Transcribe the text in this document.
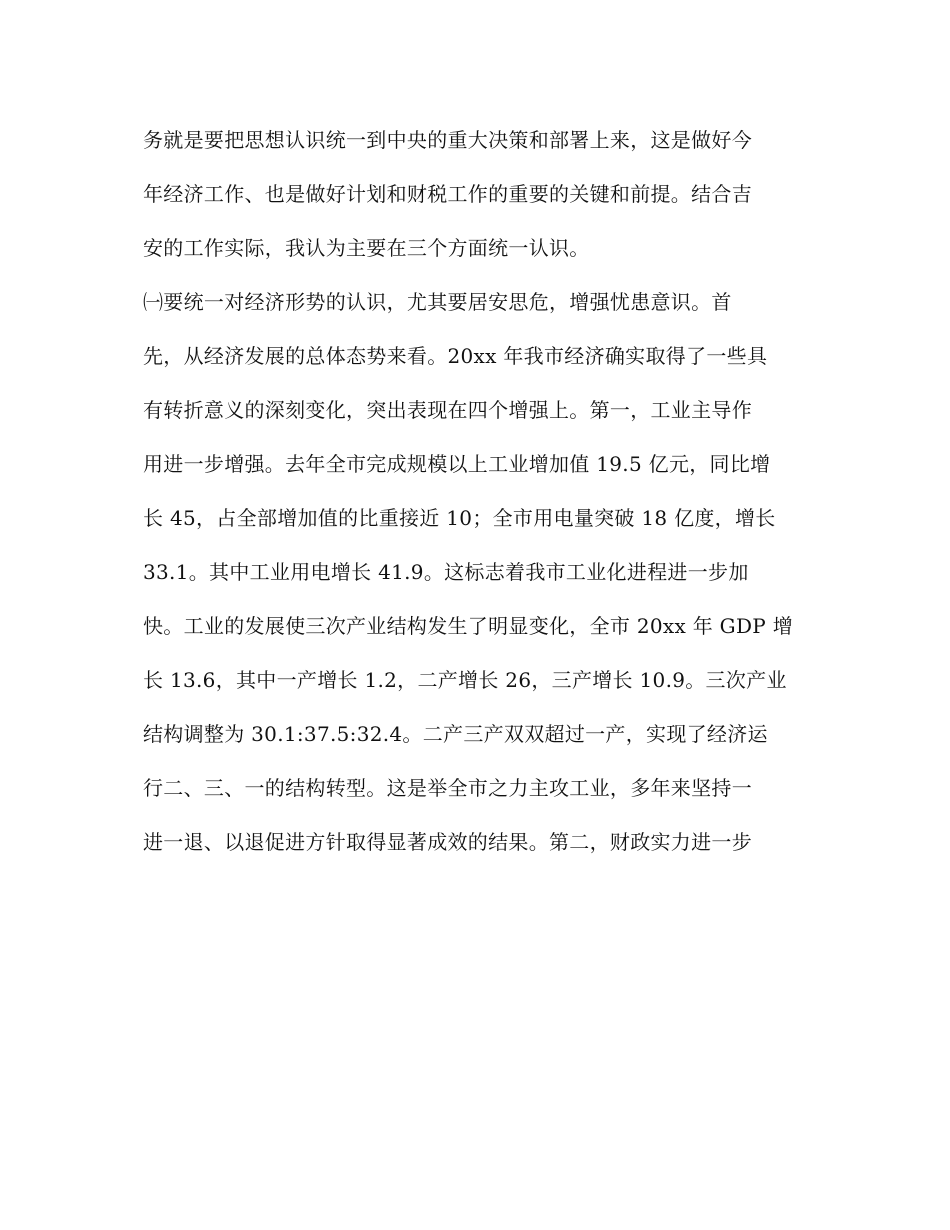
务就是要把思想认识统一到中央的重大决策和部署上来，这是做好今
年经济工作、也是做好计划和财税工作的重要的关键和前提。结合吉
安的工作实际，我认为主要在三个方面统一认识。
㈠要统一对经济形势的认识，尤其要居安思危，增强忧患意识。首
先，从经济发展的总体态势来看。20xx 年我市经济确实取得了一些具
有转折意义的深刻变化，突出表现在四个增强上。第一，工业主导作
用进一步增强。去年全市完成规模以上工业增加值 19.5 亿元，同比增
长 45，占全部增加值的比重接近 10；全市用电量突破 18 亿度，增长
33.1。其中工业用电增长 41.9。这标志着我市工业化进程进一步加
快。工业的发展使三次产业结构发生了明显变化，全市 20xx 年 GDP 增
长 13.6，其中一产增长 1.2，二产增长 26，三产增长 10.9。三次产业
结构调整为 30.1:37.5:32.4。二产三产双双超过一产，实现了经济运
行二、三、一的结构转型。这是举全市之力主攻工业，多年来坚持一
进一退、以退促进方针取得显著成效的结果。第二，财政实力进一步
